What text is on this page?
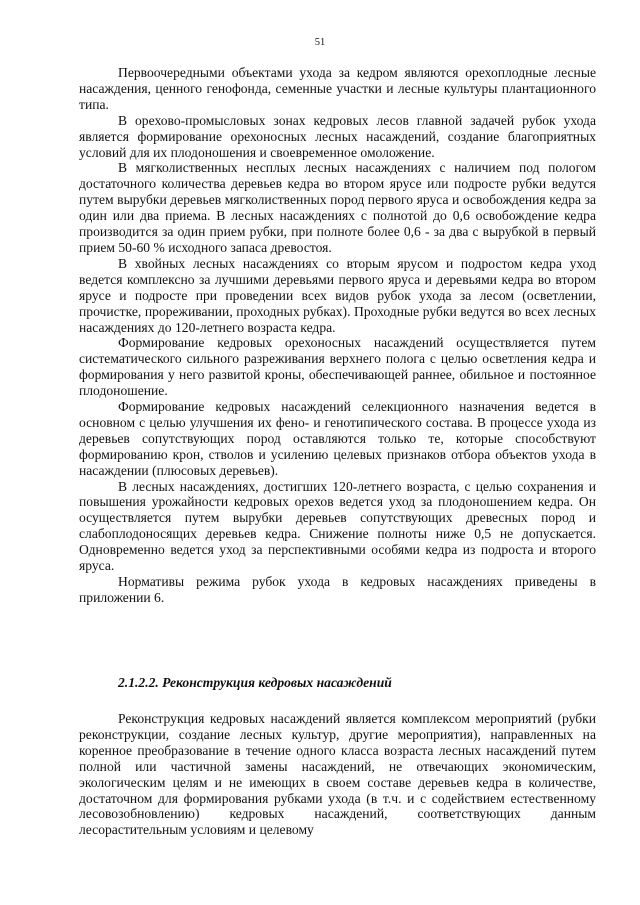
51

Первоочередными объектами ухода за кедром являются орехоплодные лесные насаждения, ценного генофонда, семенные участки и лесные культуры плантационного типа.

В орехово-промысловых зонах кедровых лесов главной задачей рубок ухода является формирование орехоносных лесных насаждений, создание благоприятных условий для их плодоношения и своевременное омоложение.

В мягколиственных несплых лесных насаждениях с наличием под пологом достаточного количества деревьев кедра во втором ярусе или подросте рубки ведутся путем вырубки деревьев мягколиственных пород первого яруса и освобождения кедра за один или два приема. В лесных насаждениях с полнотой до 0,6 освобождение кедра производится за один прием рубки, при полноте более 0,6 - за два с вырубкой в первый прием 50-60 % исходного запаса древостоя.

В хвойных лесных насаждениях со вторым ярусом и подростом кедра уход ведется комплексно за лучшими деревьями первого яруса и деревьями кедра во втором ярусе и подросте при проведении всех видов рубок ухода за лесом (осветлении, прочистке, прореживании, проходных рубках). Проходные рубки ведутся во всех лесных насаждениях до 120-летнего возраста кедра.

Формирование кедровых орехоносных насаждений осуществляется путем систематического сильного разреживания верхнего полога с целью осветления кедра и формирования у него развитой кроны, обеспечивающей раннее, обильное и постоянное плодоношение.

Формирование кедровых насаждений селекционного назначения ведется в основном с целью улучшения их фено- и генотипического состава. В процессе ухода из деревьев сопутствующих пород оставляются только те, которые способствуют формированию крон, стволов и усилению целевых признаков отбора объектов ухода в насаждении (плюсовых деревьев).

В лесных насаждениях, достигших 120-летнего возраста, с целью сохранения и повышения урожайности кедровых орехов ведется уход за плодоношением кедра. Он осуществляется путем вырубки деревьев сопутствующих древесных пород и слабоплодоносящих деревьев кедра. Снижение полноты ниже 0,5 не допускается. Одновременно ведется уход за перспективными особями кедра из подроста и второго яруса.

Нормативы режима рубок ухода в кедровых насаждениях приведены в приложении 6.

2.1.2.2. Реконструкция кедровых насаждений

Реконструкция кедровых насаждений является комплексом мероприятий (рубки реконструкции, создание лесных культур, другие мероприятия), направленных на коренное преобразование в течение одного класса возраста лесных насаждений путем полной или частичной замены насаждений, не отвечающих экономическим, экологическим целям и не имеющих в своем составе деревьев кедра в количестве, достаточном для формирования рубками ухода (в т.ч. и с содействием естественному лесовозобновлению) кедровых насаждений, соответствующих данным лесорастительным условиям и целевому
